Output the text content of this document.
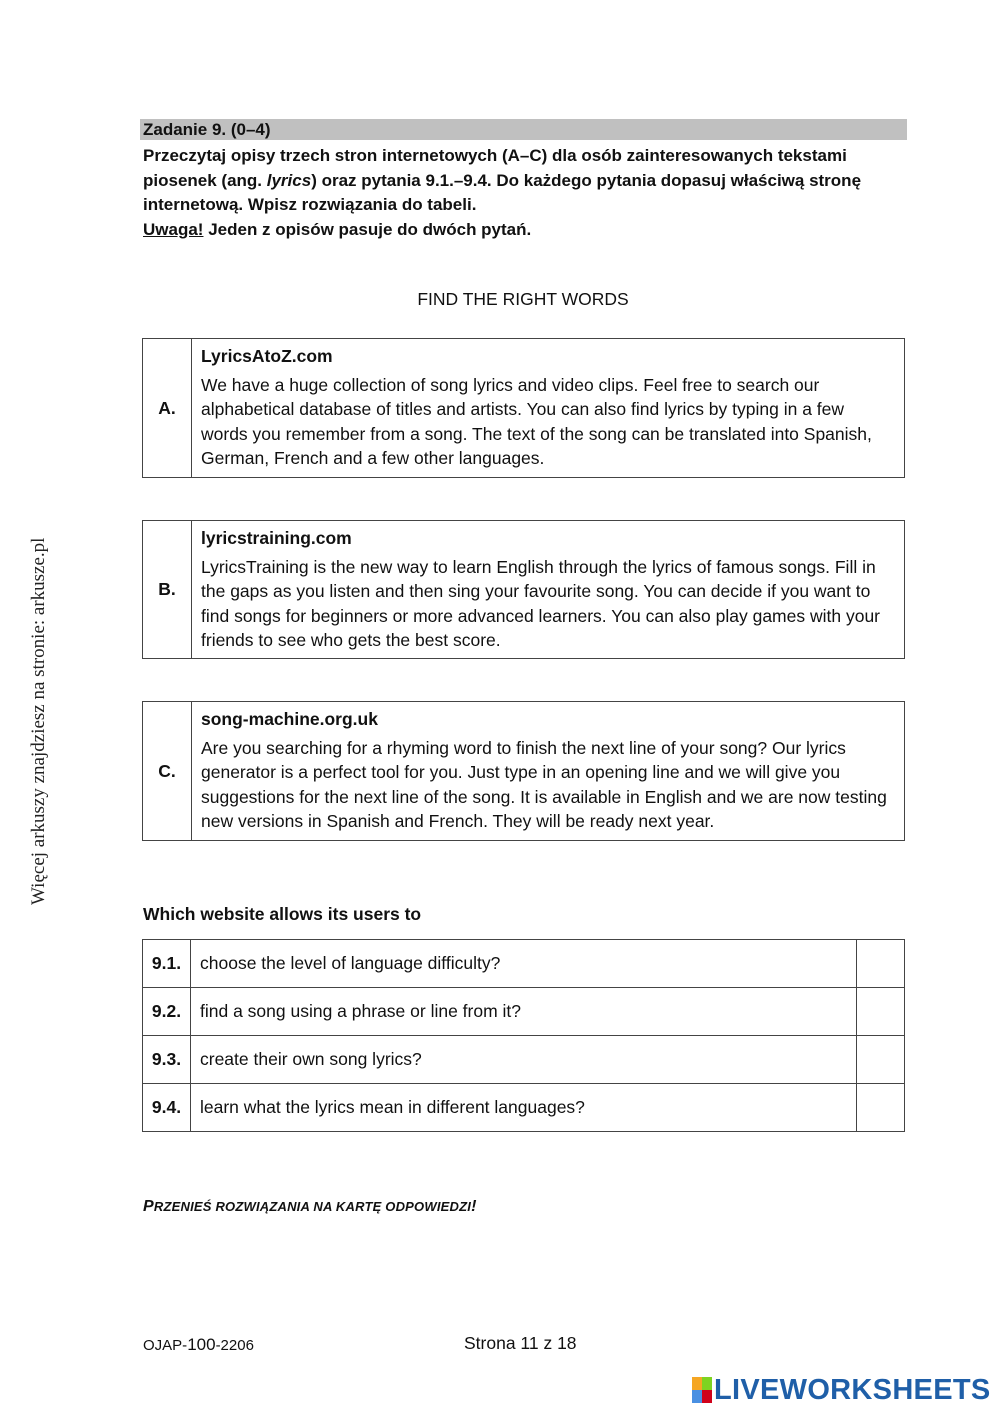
Więcej arkuszy znajdziesz na stronie: arkusze.pl
Zadanie 9. (0–4)
Przeczytaj opisy trzech stron internetowych (A–C) dla osób zainteresowanych tekstami piosenek (ang. lyrics) oraz pytania 9.1.–9.4. Do każdego pytania dopasuj właściwą stronę internetową. Wpisz rozwiązania do tabeli.
Uwaga! Jeden z opisów pasuje do dwóch pytań.
FIND THE RIGHT WORDS
A.
LyricsAtoZ.com
We have a huge collection of song lyrics and video clips. Feel free to search our alphabetical database of titles and artists. You can also find lyrics by typing in a few words you remember from a song. The text of the song can be translated into Spanish, German, French and a few other languages.
B.
lyricstraining.com
LyricsTraining is the new way to learn English through the lyrics of famous songs. Fill in the gaps as you listen and then sing your favourite song. You can decide if you want to find songs for beginners or more advanced learners. You can also play games with your friends to see who gets the best score.
C.
song-machine.org.uk
Are you searching for a rhyming word to finish the next line of your song? Our lyrics generator is a perfect tool for you. Just type in an opening line and we will give you suggestions for the next line of the song. It is available in English and we are now testing new versions in Spanish and French. They will be ready next year.
Which website allows its users to
9.1.	choose the level of language difficulty?	
9.2.	find a song using a phrase or line from it?	
9.3.	create their own song lyrics?	
9.4.	learn what the lyrics mean in different languages?	
PRZENIEŚ ROZWIĄZANIA NA KARTĘ ODPOWIEDZI!
OJAP-100-2206	Strona 11 z 18
LIVEWORKSHEETS
